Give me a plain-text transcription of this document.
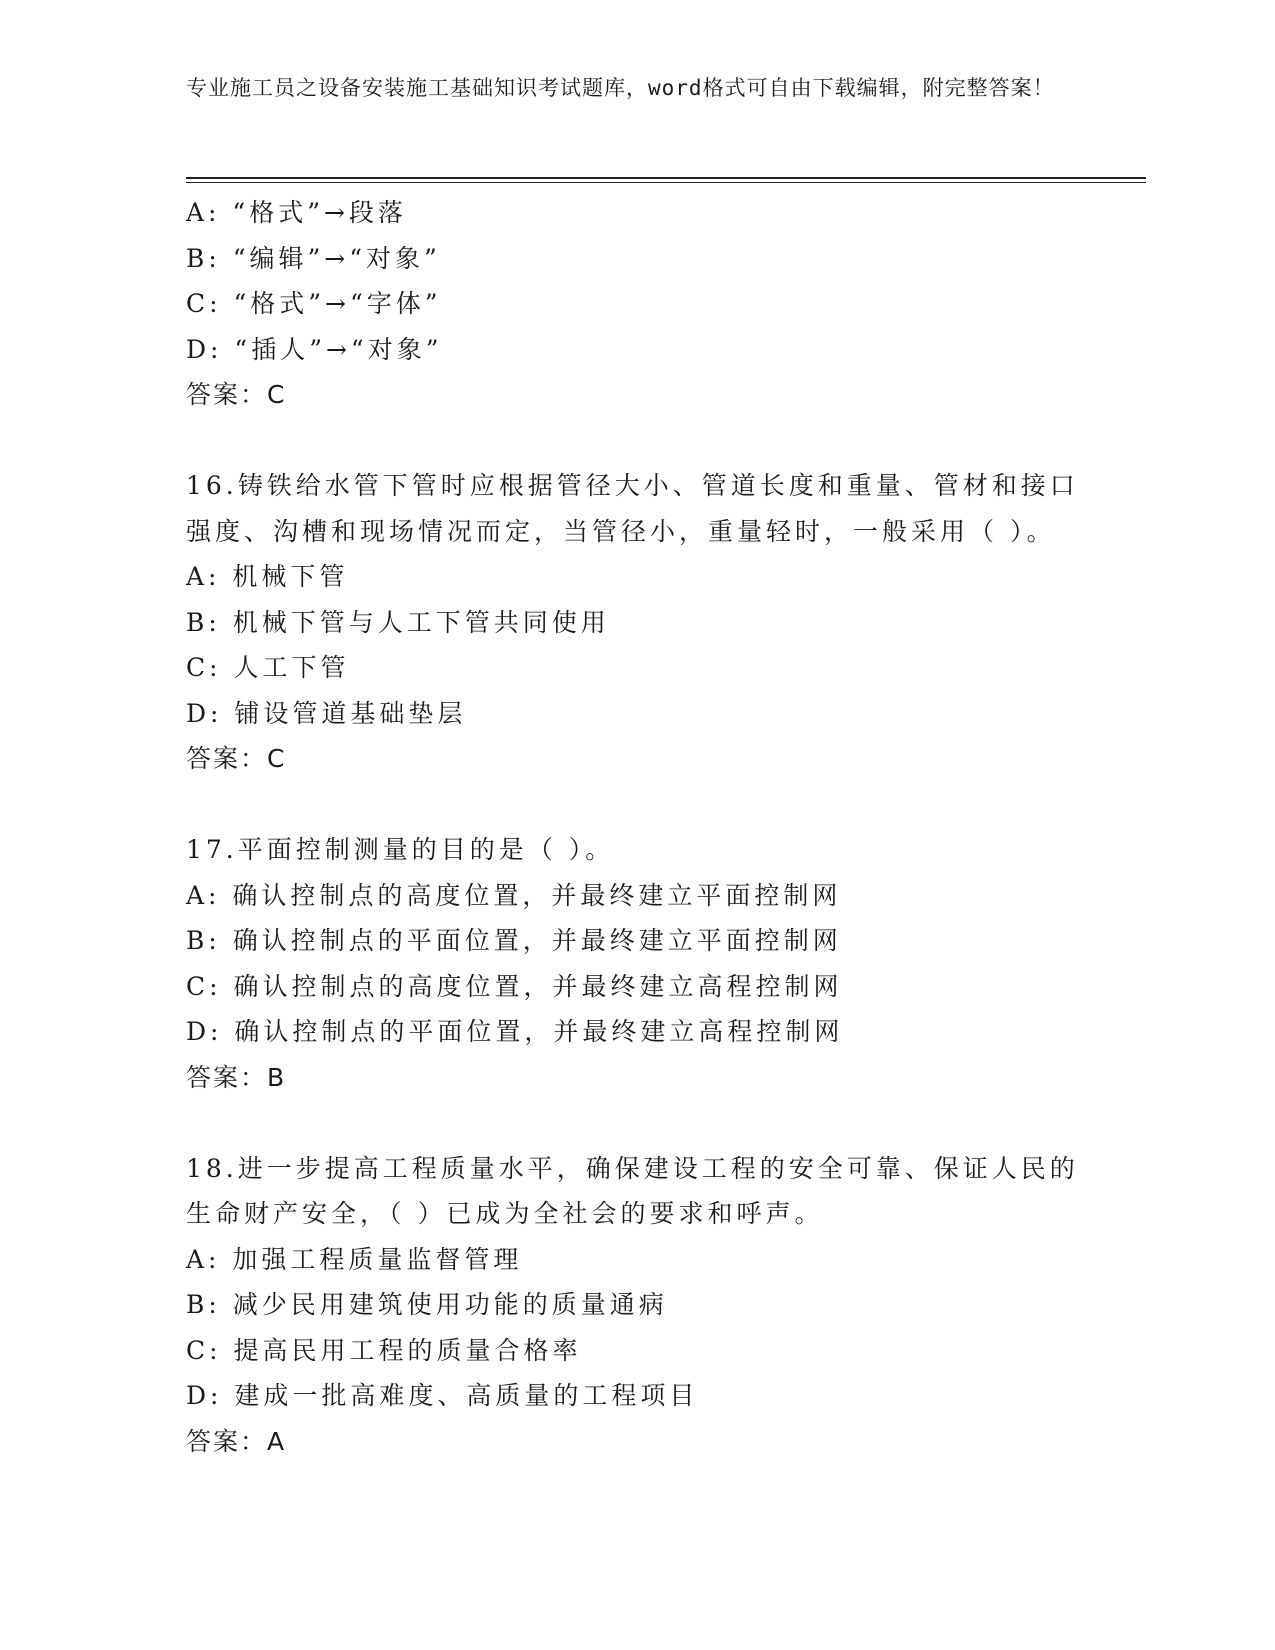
专业施工员之设备安装施工基础知识考试题库，word格式可自由下载编辑，附完整答案！
A: “格式”→段落
B: “编辑”→“对象”
C: “格式”→“字体”
D: “插人”→“对象”
答案：C
16.铸铁给水管下管时应根据管径大小、管道长度和重量、管材和接口强度、沟槽和现场情况而定，当管径小，重量轻时，一般采用（ ）。
A: 机械下管
B: 机械下管与人工下管共同使用
C: 人工下管
D: 铺设管道基础垫层
答案：C
17.平面控制测量的目的是（ ）。
A: 确认控制点的高度位置，并最终建立平面控制网
B: 确认控制点的平面位置，并最终建立平面控制网
C: 确认控制点的高度位置，并最终建立高程控制网
D: 确认控制点的平面位置，并最终建立高程控制网
答案：B
18.进一步提高工程质量水平，确保建设工程的安全可靠、保证人民的生命财产安全，（ ）已成为全社会的要求和呼声。
A: 加强工程质量监督管理
B: 减少民用建筑使用功能的质量通病
C: 提高民用工程的质量合格率
D: 建成一批高难度、高质量的工程项目
答案：A
